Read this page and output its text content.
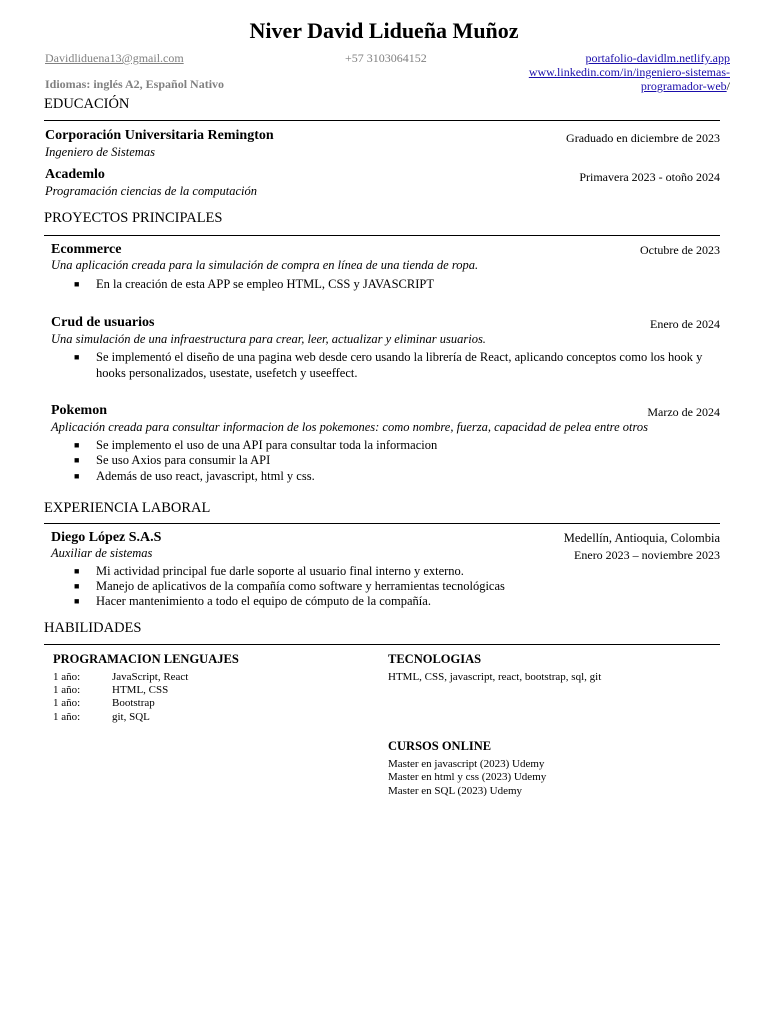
Niver David Lidueña Muñoz
Davidliduena13@gmail.com	+57 3103064152	portafolio-davidlm.netlify.app
www.linkedin.com/in/ingeniero-sistemas-
programador-web/
Idiomas: inglés A2, Español Nativo
EDUCACIÓN
Corporación Universitaria Remington	Graduado en diciembre de 2023
Ingeniero de Sistemas
Academlo	Primavera 2023 - otoño 2024
Programación ciencias de la computación
PROYECTOS PRINCIPALES
Ecommerce	Octubre de 2023
Una aplicación creada para la simulación de compra en línea de una tienda de ropa.
■ En la creación de esta APP se empleo HTML, CSS y JAVASCRIPT
Crud de usuarios	Enero de 2024
Una simulación de una infraestructura para crear, leer, actualizar y eliminar usuarios.
■ Se implementó el diseño de una pagina web desde cero usando la librería de React, aplicando conceptos como los hook y hooks personalizados, usestate, usefetch y useeffect.
Pokemon	Marzo de 2024
Aplicación creada para consultar informacion de los pokemones: como nombre, fuerza, capacidad de pelea entre otros
■ Se implemento el uso de una API para consultar toda la informacion
■ Se uso Axios para consumir la API
■ Además de uso react, javascript, html y css.
EXPERIENCIA LABORAL
Diego López S.A.S	Medellín, Antioquia, Colombia
Auxiliar de sistemas	Enero 2023 – noviembre 2023
■ Mi actividad principal fue darle soporte al usuario final interno y externo.
■ Manejo de aplicativos de la compañía como software y herramientas tecnológicas
■ Hacer mantenimiento a todo el equipo de cómputo de la compañía.
HABILIDADES
PROGRAMACION LENGUAJES
1 año:	JavaScript, React
1 año:	HTML, CSS
1 año:	Bootstrap
1 año:	git, SQL
TECNOLOGIAS
HTML, CSS, javascript, react, bootstrap, sql, git
CURSOS ONLINE
Master en javascript (2023) Udemy
Master en html y css (2023) Udemy
Master en SQL (2023) Udemy
